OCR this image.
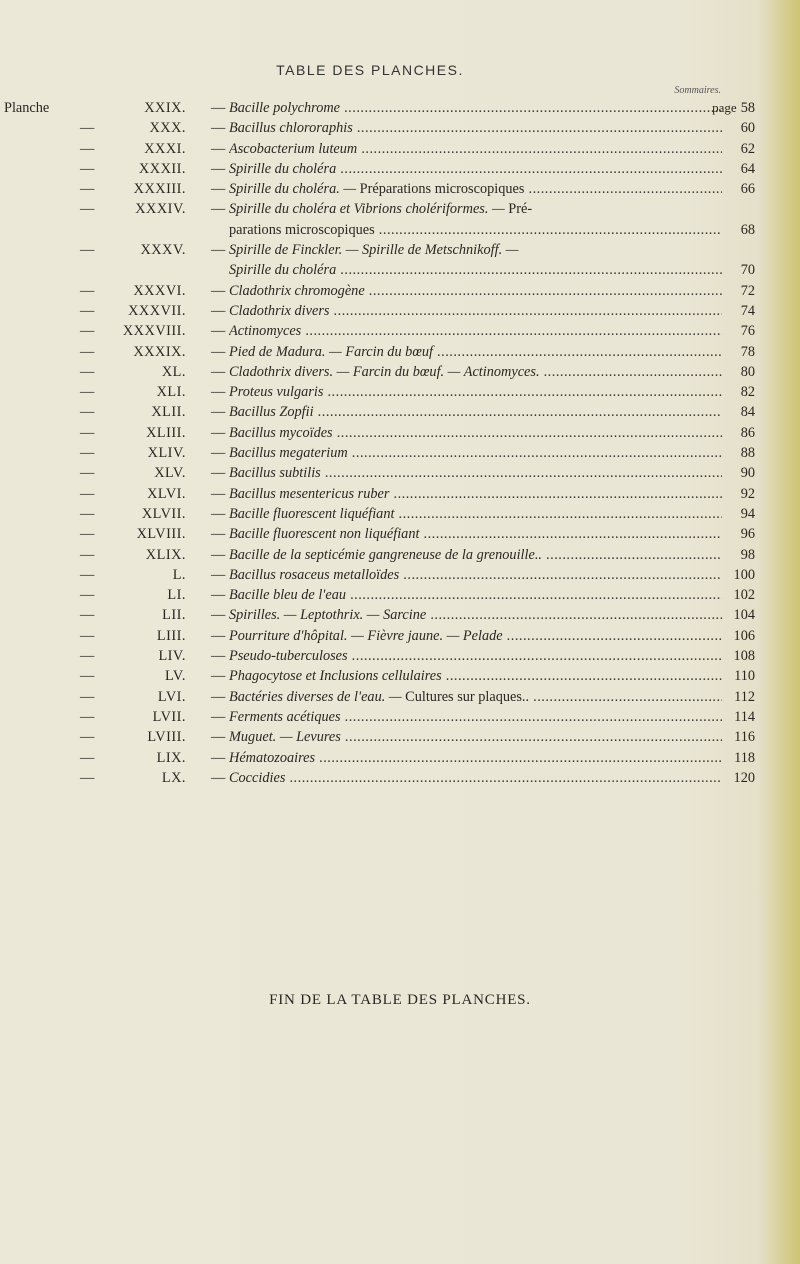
TABLE DES PLANCHES.
Sommaires.
Planche	XXIX. — Bacille polychrome .....	page 58
—	XXX. — Bacillus chlororaphis .....	60
—	XXXI. — Ascobacterium luteum .....	62
—	XXXII. — Spirille du choléra .....	64
—	XXXIII. — Spirille du choléra. — Préparations microscopiques .....	66
—	XXXIV. — Spirille du choléra et Vibrions cholériformes. — Pré-
parations microscopiques .....	68
—	XXXV. — Spirille de Finckler. — Spirille de Metschnikoff. —
Spirille du choléra .....	70
—	XXXVI. — Cladothrix chromogène .....	72
— XXXVII. — Cladothrix divers .....	74
— XXXVIII. — Actinomyces .....	76
—	XXXIX. — Pied de Madura. — Farcin du bœuf .....	78
—	XL. — Cladothrix divers. — Farcin du bœuf. — Actinomyces. .....	80
—	XLI. — Proteus vulgaris .....	82
—	XLII. — Bacillus Zopfii .....	84
—	XLIII. — Bacillus mycoïdes .....	86
—	XLIV. — Bacillus megaterium .....	88
—	XLV. — Bacillus subtilis .....	90
—	XLVI. — Bacillus mesentericus ruber .....	92
—	XLVII. — Bacille fluorescent liquéfiant .....	94
—	XLVIII. — Bacille fluorescent non liquéfiant .....	96
—	XLIX. — Bacille de la septicémie gangreneuse de la grenouille.. .....	98
—	L. — Bacillus rosaceus metalloïdes .....	100
—	LI. — Bacille bleu de l'eau .....	102
—	LII. — Spirilles. — Leptothrix. — Sarcine .....	104
—	LIII. — Pourriture d'hôpital. — Fièvre jaune. — Pelade .....	106
—	LIV. — Pseudo-tuberculoses .....	108
—	LV. — Phagocytose et Inclusions cellulaires .....	110
—	LVI. — Bactéries diverses de l'eau. — Cultures sur plaques.. .....	112
—	LVII. — Ferments acétiques .....	114
—	LVIII. — Muguet. — Levures .....	116
—	LIX. — Hématozoaires .....	118
—	LX. — Coccidies .....	120
FIN DE LA TABLE DES PLANCHES.
